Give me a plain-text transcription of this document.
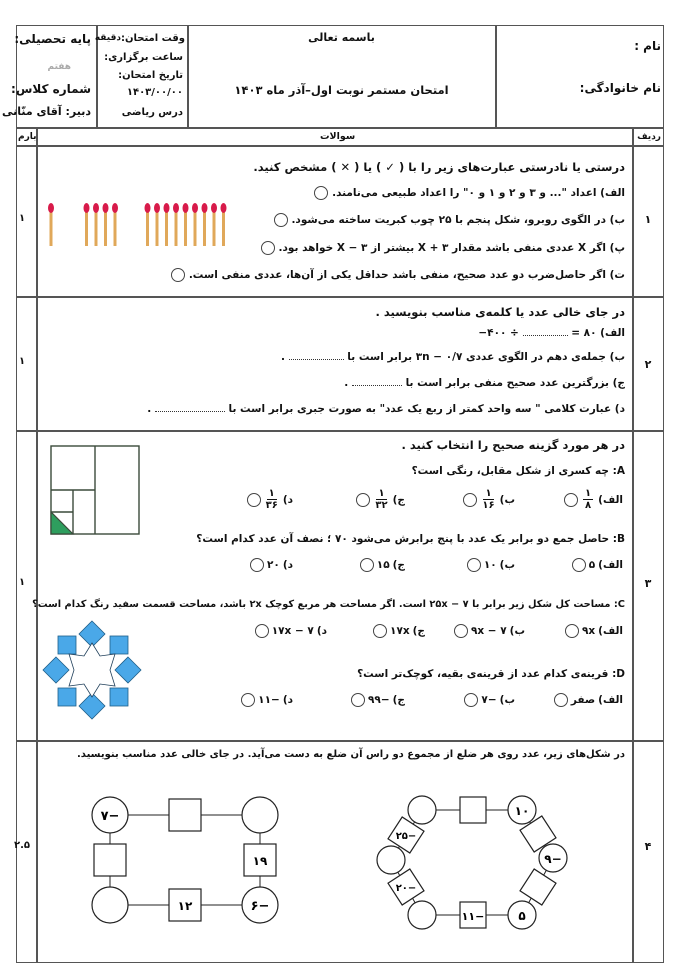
نام :
نام خانوادگی:
باسمه تعالی
امتحان مستمر نوبت اول–آذر ماه ۱۴۰۳
وقت امتحان:
دقیقه
ساعت برگزاری:
تاریخ امتحان:
۱۴۰۳/۰۰/۰۰
درس ریاضی
پایه تحصیلی:
هفتم
شماره کلاس:
دبیر: آقای منّانی
ردیف
سوالات
بارم
۱
۱
۲
۱
۳
۱
۴
۲.۵
درستی یا نادرستی عبارت‌های زیر را با ( ✓ ) یا ( ✕ ) مشخص کنید.
الف) اعداد "... و ۳ و ۲ و ۱ و ۰" را اعداد طبیعی می‌نامند.
ب) در الگوی روبرو، شکل پنجم با ۲۵ چوب کبریت ساخته می‌شود.
پ) اگر X عددی منفی باشد مقدار X + ۳ بیشتر از X − ۳ خواهد بود.
ت) اگر حاصل‌ضرب دو عدد صحیح، منفی باشد حداقل یکی از آن‌ها، عددی منفی است.
در جای خالی عدد یا کلمه‌ی مناسب بنویسید .
الف) ۸۰ =  ÷ ۴۰۰−
ب) جمله‌ی دهم در الگوی عددی ۰/۷ − ۳n برابر است با  .
ج) بزرگترین عدد صحیح منفی برابر است با  .
د) عبارت کلامی " سه واحد کمتر از ربع یک عدد" به صورت جبری برابر است با  .
در هر مورد گزینه صحیح را انتخاب کنید .
A: چه کسری از شکل مقابل، رنگی است؟
الف)
$\frac{۱}{۸}$
ب)
$\frac{۱}{۱۶}$
ج)
$\frac{۱}{۳۲}$
د)
$\frac{۱}{۳۶}$
B: حاصل جمع دو برابر یک عدد با پنج برابرش می‌شود ۷۰ ؛ نصف آن عدد کدام است؟
الف)
۵
ب)
۱۰
ج)
۱۵
د)
۲۰
C: مساحت کل شکل زیر برابر با ۲۵x − ۷ است. اگر مساحت هر مربع کوچک ۲x باشد، مساحت قسمت سفید رنگ کدام است؟
الف)
۹x
ب)
۹x − ۷
ج)
۱۷x
د)
۱۷x − ۷
D: قرینه‌ی کدام عدد از قرینه‌ی بقیه، کوچک‌تر است؟
الف)
صفر
ب)
−۷
ج)
−۹۹
د)
−۱۱
در شکل‌های زیر، عدد روی هر ضلع از مجموع دو راس آن ضلع به دست می‌آید. در جای خالی عدد مناسب بنویسید.
−۷
−۶
۱۹
۱۲
۱۰
−۹
۵
−۱۱
−۲۵
−۲۰
